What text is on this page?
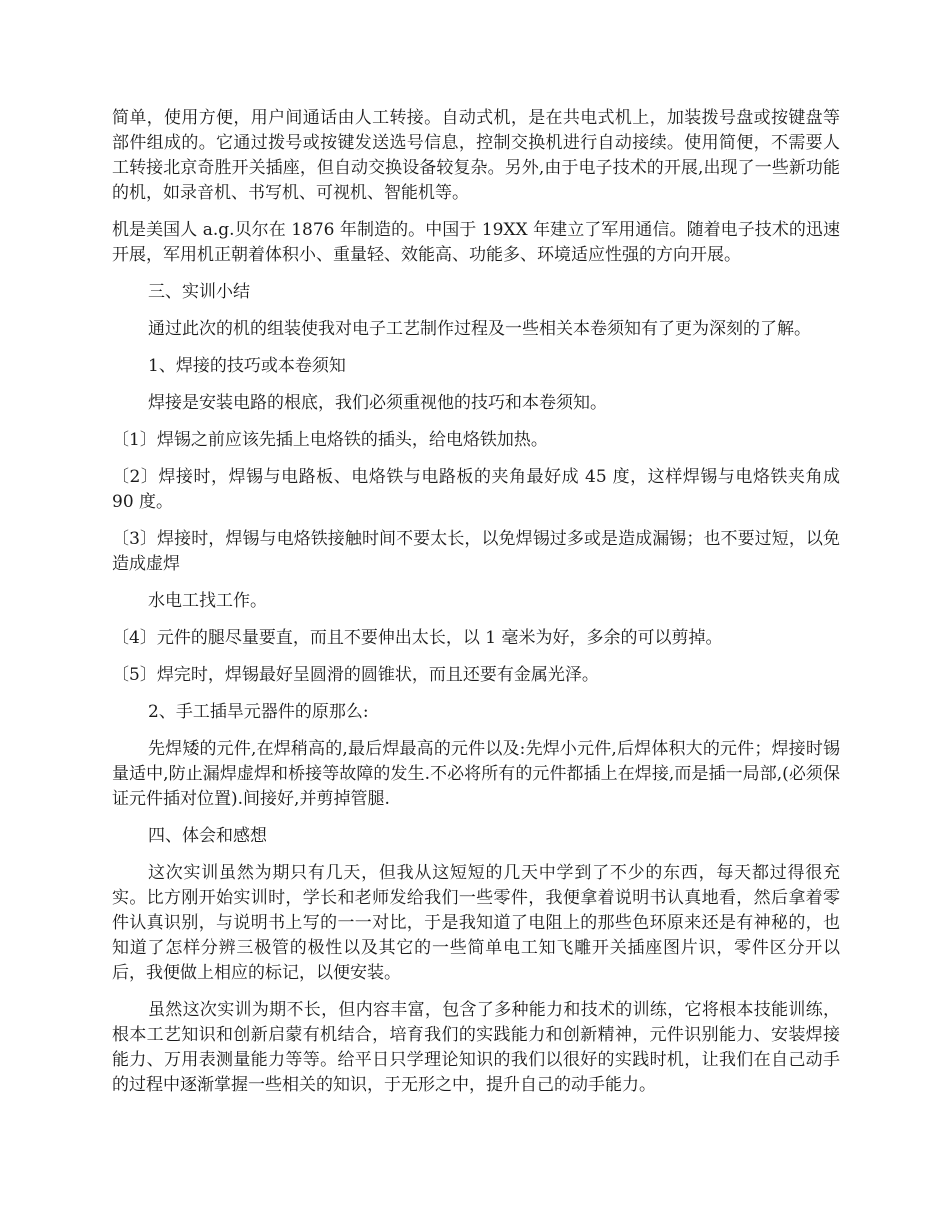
简单，使用方便，用户间通话由人工转接。自动式机，是在共电式机上，加装拨号盘或按键盘等部件组成的。它通过拨号或按键发送选号信息，控制交换机进行自动接续。使用简便，不需要人工转接北京奇胜开关插座，但自动交换设备较复杂。另外,由于电子技术的开展,出现了一些新功能的机，如录音机、书写机、可视机、智能机等。

机是美国人 a.g.贝尔在 1876 年制造的。中国于 19XX 年建立了军用通信。随着电子技术的迅速开展，军用机正朝着体积小、重量轻、效能高、功能多、环境适应性强的方向开展。

三、实训小结

通过此次的机的组装使我对电子工艺制作过程及一些相关本卷须知有了更为深刻的了解。

1、焊接的技巧或本卷须知

焊接是安装电路的根底，我们必须重视他的技巧和本卷须知。

〔1〕焊锡之前应该先插上电烙铁的插头，给电烙铁加热。

〔2〕焊接时，焊锡与电路板、电烙铁与电路板的夹角最好成 45 度，这样焊锡与电烙铁夹角成 90 度。

〔3〕焊接时，焊锡与电烙铁接触时间不要太长，以免焊锡过多或是造成漏锡；也不要过短，以免造成虚焊

水电工找工作。

〔4〕元件的腿尽量要直，而且不要伸出太长，以 1 毫米为好，多余的可以剪掉。

〔5〕焊完时，焊锡最好呈圆滑的圆锥状，而且还要有金属光泽。

2、手工插旱元器件的原那么:

先焊矮的元件,在焊稍高的,最后焊最高的元件以及:先焊小元件,后焊体积大的元件；焊接时锡量适中,防止漏焊虚焊和桥接等故障的发生.不必将所有的元件都插上在焊接,而是插一局部,(必须保证元件插对位置).间接好,并剪掉管腿.

四、体会和感想

这次实训虽然为期只有几天，但我从这短短的几天中学到了不少的东西，每天都过得很充实。比方刚开始实训时，学长和老师发给我们一些零件，我便拿着说明书认真地看，然后拿着零件认真识别，与说明书上写的一一对比，于是我知道了电阻上的那些色环原来还是有神秘的，也知道了怎样分辨三极管的极性以及其它的一些简单电工知飞雕开关插座图片识，零件区分开以后，我便做上相应的标记，以便安装。

虽然这次实训为期不长，但内容丰富，包含了多种能力和技术的训练，它将根本技能训练，根本工艺知识和创新启蒙有机结合，培育我们的实践能力和创新精神，元件识别能力、安装焊接能力、万用表测量能力等等。给平日只学理论知识的我们以很好的实践时机，让我们在自己动手的过程中逐渐掌握一些相关的知识，于无形之中，提升自己的动手能力。
